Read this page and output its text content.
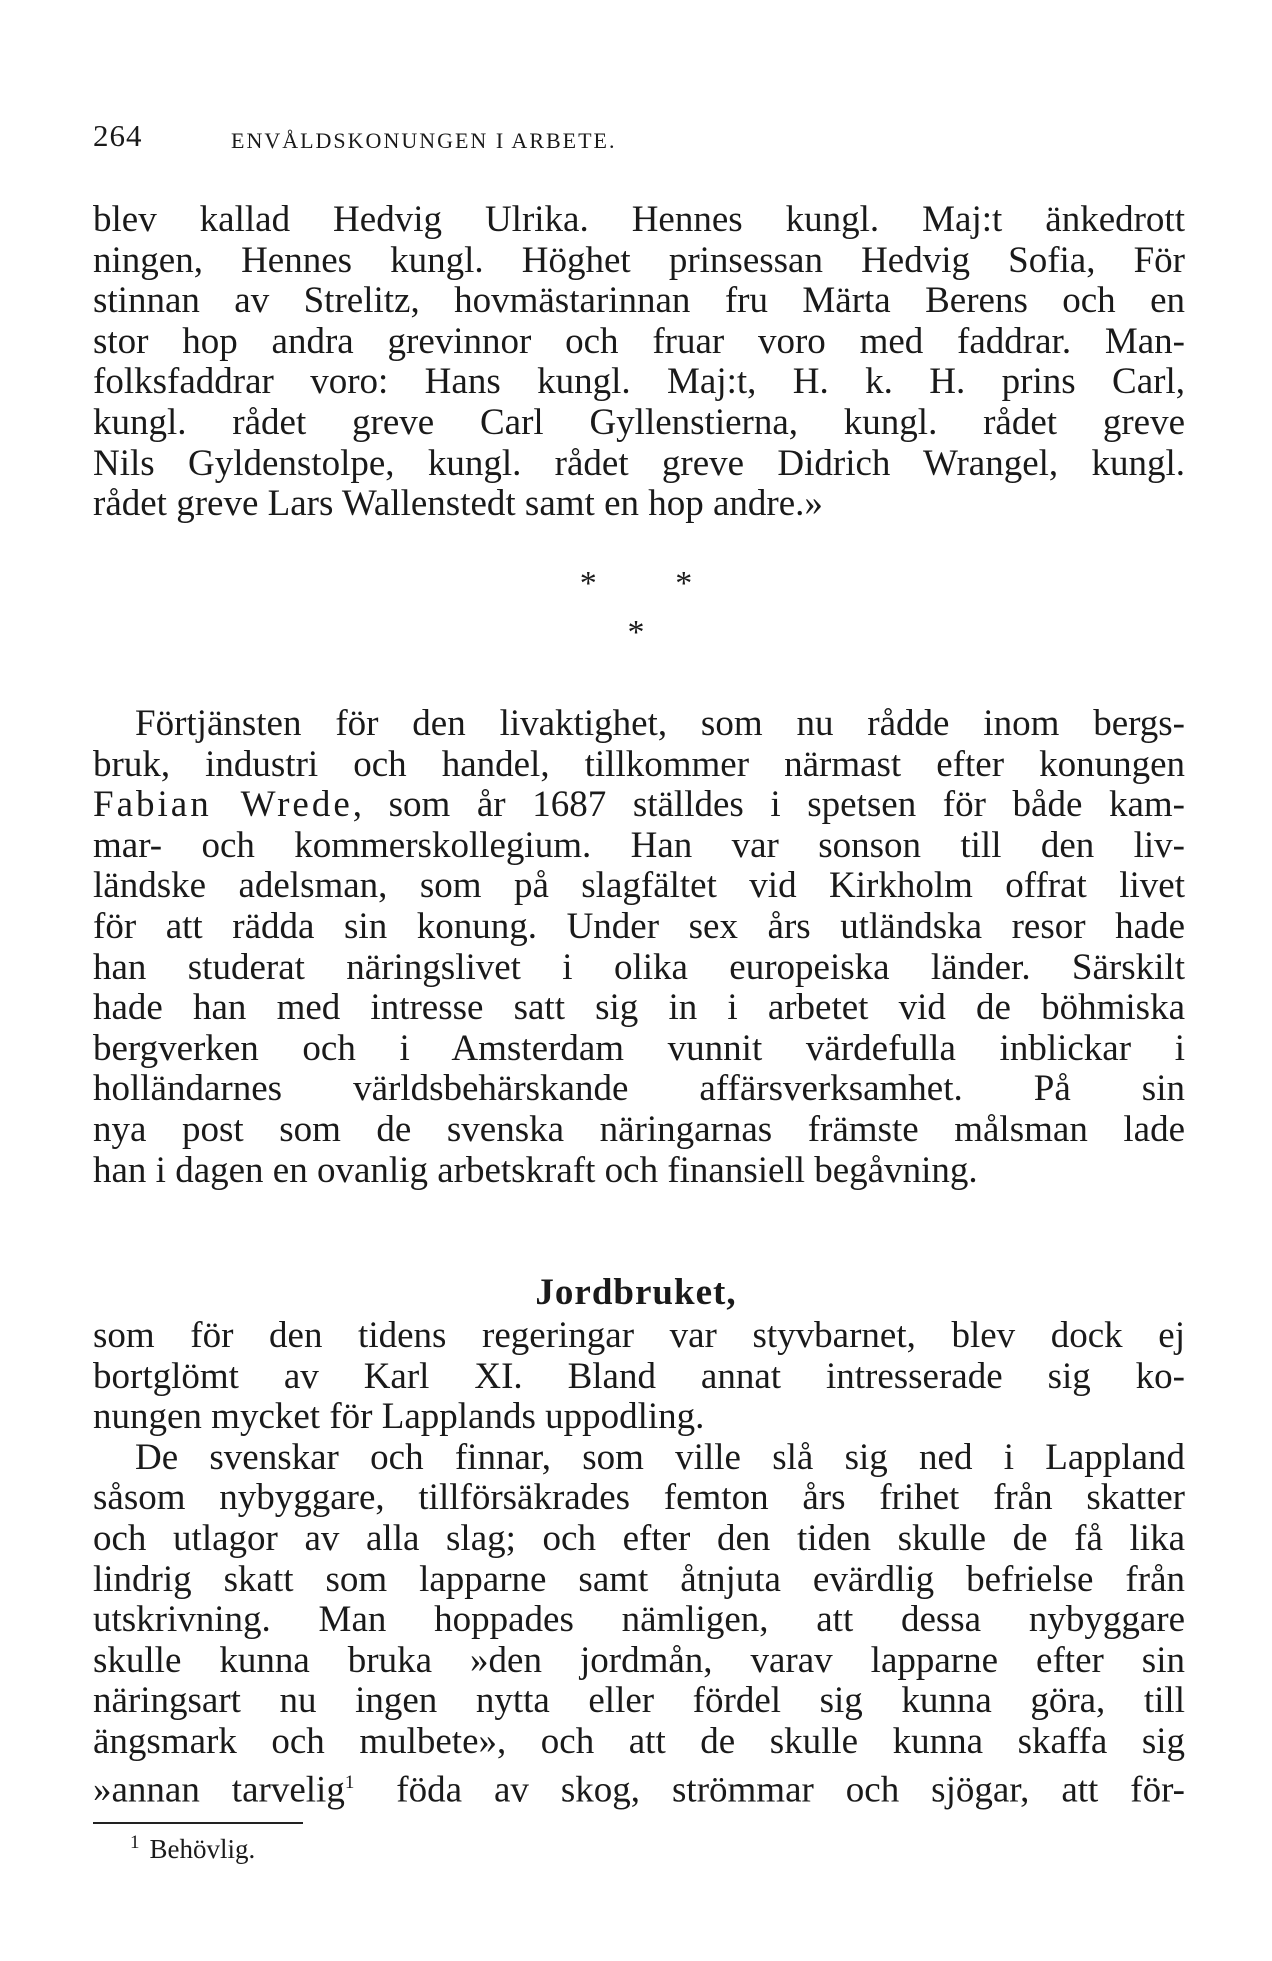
264	ENVÅLDSKONUNGEN I ARBETE.
blev kallad Hedvig Ulrika. Hennes kungl. Maj:t änkedrott
ningen, Hennes kungl. Höghet prinsessan Hedvig Sofia, För
stinnan av Strelitz, hovmästarinnan fru Märta Berens och en
stor hop andra grevinnor och fruar voro med faddrar. Man-
folksfaddrar voro: Hans kungl. Maj:t, H. k. H. prins Carl,
kungl. rådet greve Carl Gyllenstierna, kungl. rådet greve
Nils Gyldenstolpe, kungl. rådet greve Didrich Wrangel, kungl.
rådet greve Lars Wallenstedt samt en hop andre.»
* *
*
Förtjänsten för den livaktighet, som nu rådde inom bergs-
bruk, industri och handel, tillkommer närmast efter konungen
Fabian Wrede, som år 1687 ställdes i spetsen för både kam-
mar- och kommerskollegium. Han var sonson till den liv-
ländske adelsman, som på slagfältet vid Kirkholm offrat livet
för att rädda sin konung. Under sex års utländska resor hade
han studerat näringslivet i olika europeiska länder. Särskilt
hade han med intresse satt sig in i arbetet vid de böhmiska
bergverken och i Amsterdam vunnit värdefulla inblickar i
holländarnes världsbehärskande affärsverksamhet. På sin
nya post som de svenska näringarnas främste målsman lade
han i dagen en ovanlig arbetskraft och finansiell begåvning.
Jordbruket,
som för den tidens regeringar var styvbarnet, blev dock ej
bortglömt av Karl XI. Bland annat intresserade sig ko-
nungen mycket för Lapplands uppodling.
De svenskar och finnar, som ville slå sig ned i Lappland
såsom nybyggare, tillförsäkrades femton års frihet från skatter
och utlagor av alla slag; och efter den tiden skulle de få lika
lindrig skatt som lapparne samt åtnjuta evärdlig befrielse från
utskrivning. Man hoppades nämligen, att dessa nybyggare
skulle kunna bruka »den jordmån, varav lapparne efter sin
näringsart nu ingen nytta eller fördel sig kunna göra, till
ängsmark och mulbete», och att de skulle kunna skaffa sig
»annan tarvelig$^1$ föda av skog, strömmar och sjögar, att för-
$^1$ Behövlig.
